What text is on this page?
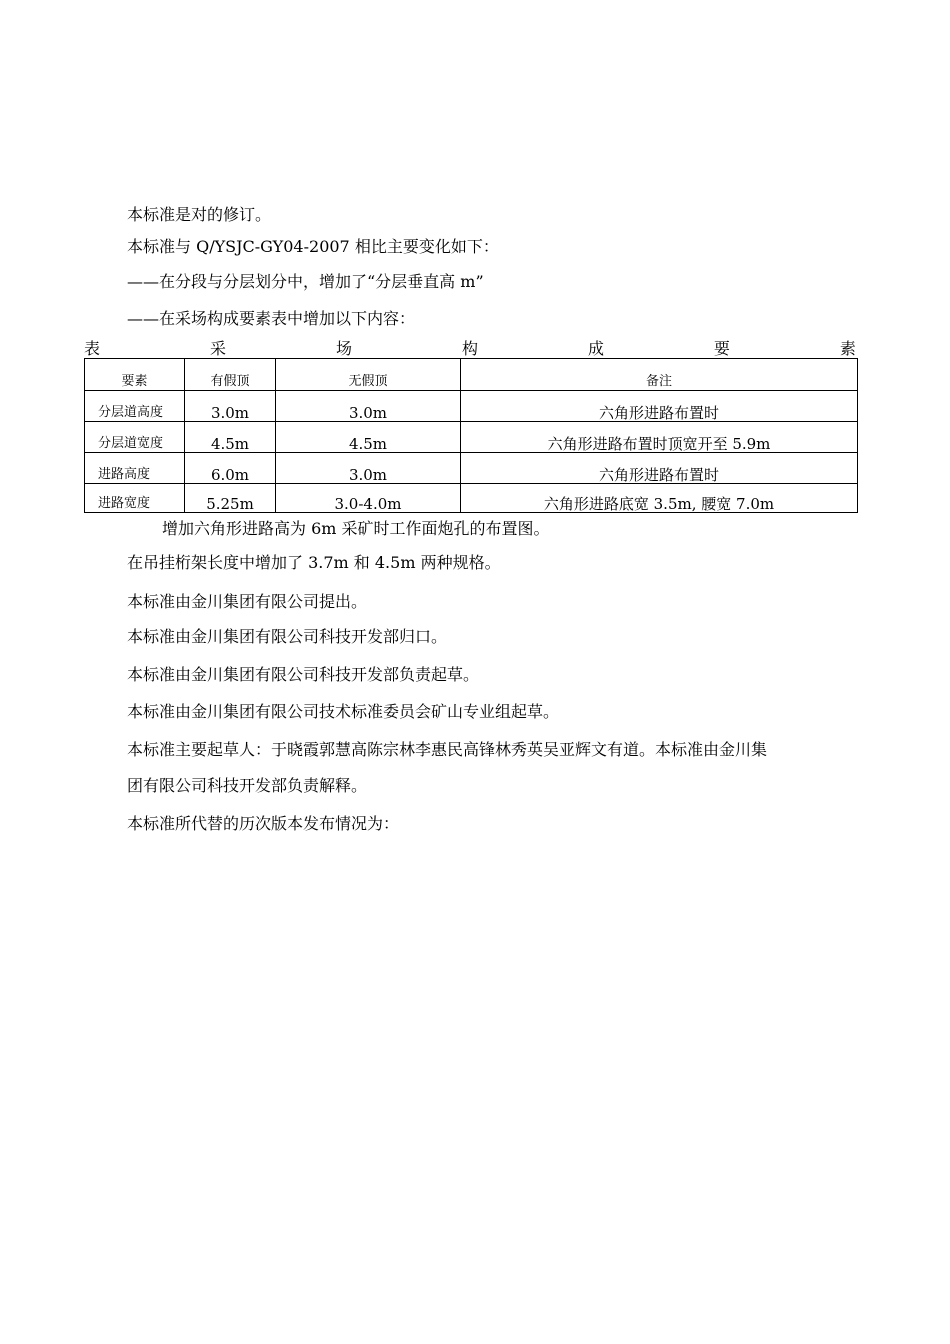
本标准是对的修订。
本标准与 Q/YSJC-GY04-2007 相比主要变化如下：
——在分段与分层划分中，增加了“分层垂直高 m”
——在采场构成要素表中增加以下内容：
表	采	场	构	成	要	素
要素	有假顶	无假顶	备注
分层道高度	3.0m	3.0m	六角形进路布置时
分层道宽度	4.5m	4.5m	六角形进路布置时顶宽开至 5.9m
进路高度	6.0m	3.0m	六角形进路布置时
进路宽度	5.25m	3.0-4.0m	六角形进路底宽 3.5m, 腰宽 7.0m
增加六角形进路高为 6m 采矿时工作面炮孔的布置图。
在吊挂桁架长度中增加了 3.7m 和 4.5m 两种规格。
本标准由金川集团有限公司提出。
本标准由金川集团有限公司科技开发部归口。
本标准由金川集团有限公司科技开发部负责起草。
本标准由金川集团有限公司技术标准委员会矿山专业组起草。
本标准主要起草人：于晓霞郭慧高陈宗林李惠民高锋林秀英吴亚辉文有道。本标准由金川集
团有限公司科技开发部负责解释。
本标准所代替的历次版本发布情况为：
